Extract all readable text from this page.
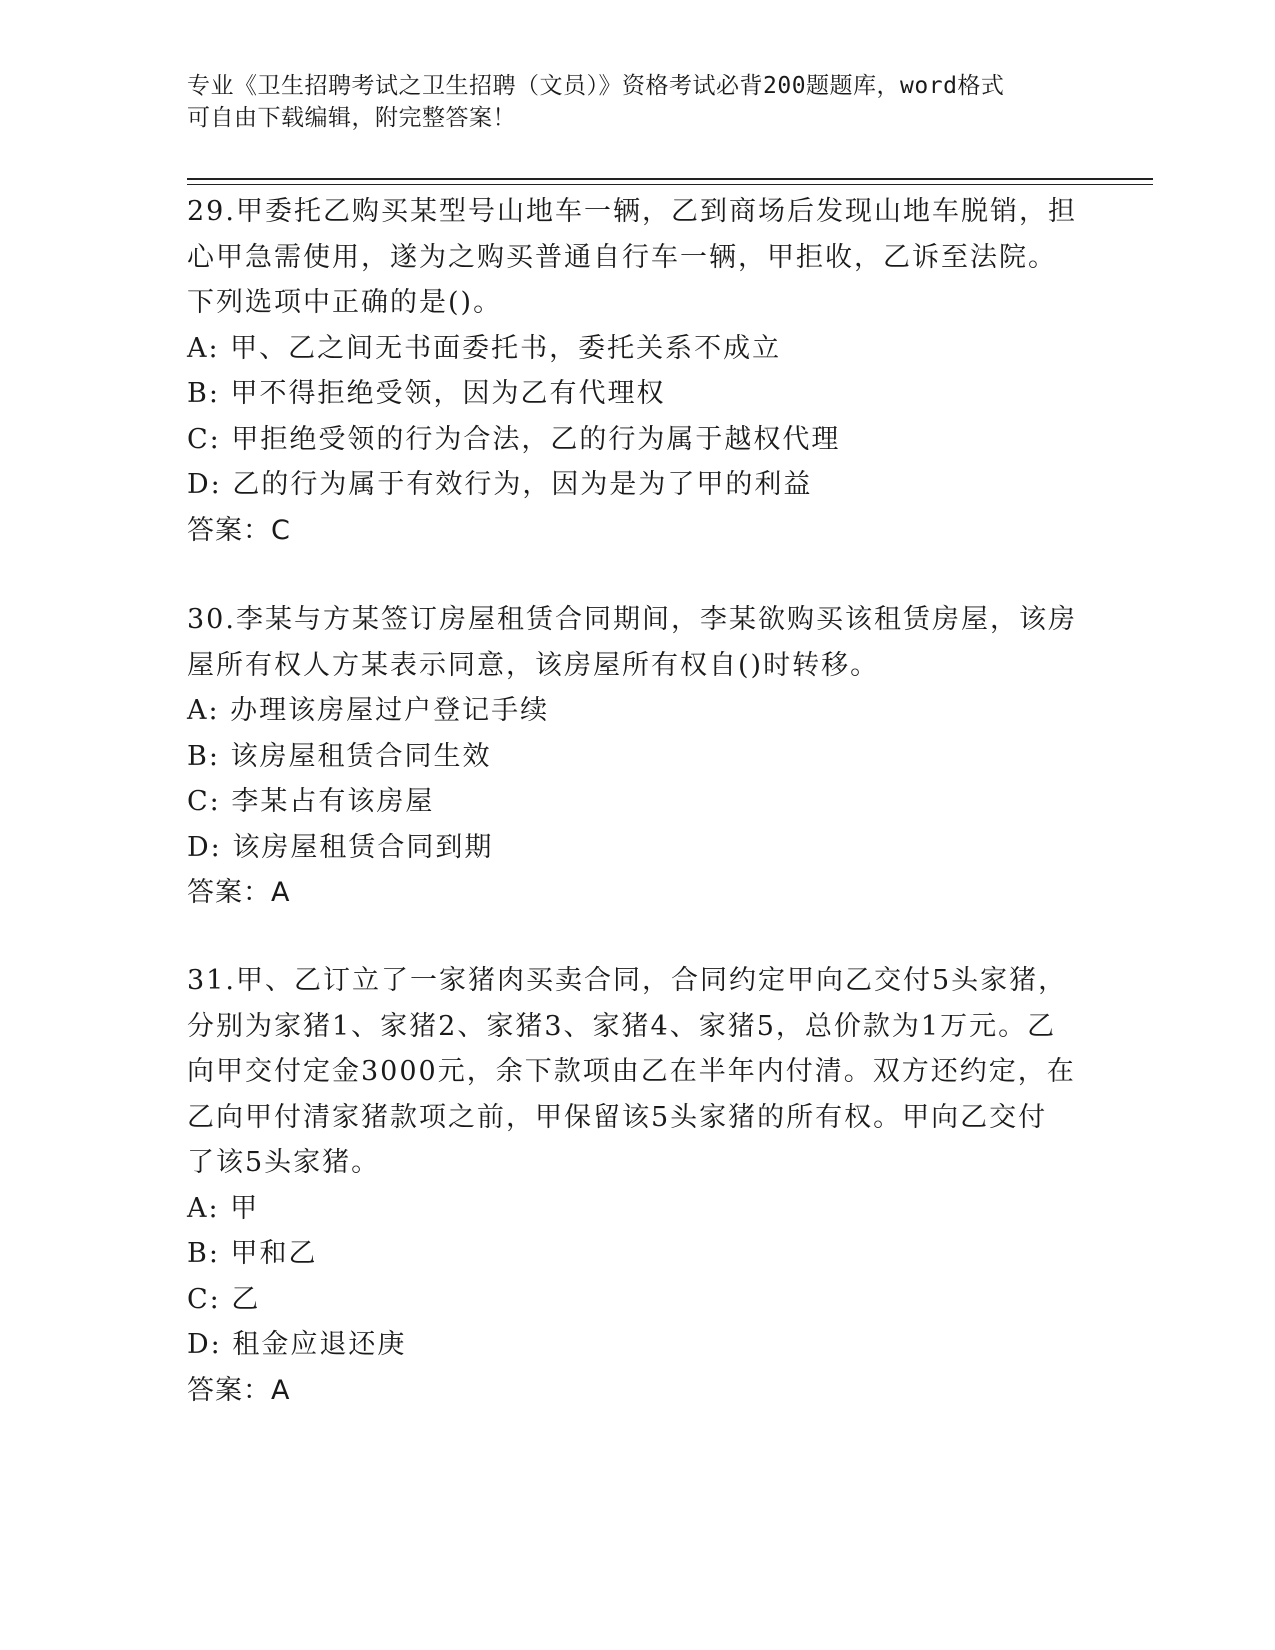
专业《卫生招聘考试之卫生招聘（文员）》资格考试必背200题题库，word格式
可自由下载编辑，附完整答案！
29.甲委托乙购买某型号山地车一辆，乙到商场后发现山地车脱销，担
心甲急需使用，遂为之购买普通自行车一辆，甲拒收，乙诉至法院。
下列选项中正确的是()。
A: 甲、乙之间无书面委托书，委托关系不成立
B: 甲不得拒绝受领，因为乙有代理权
C: 甲拒绝受领的行为合法，乙的行为属于越权代理
D: 乙的行为属于有效行为，因为是为了甲的利益
答案：C
30.李某与方某签订房屋租赁合同期间，李某欲购买该租赁房屋，该房
屋所有权人方某表示同意，该房屋所有权自()时转移。
A: 办理该房屋过户登记手续
B: 该房屋租赁合同生效
C: 李某占有该房屋
D: 该房屋租赁合同到期
答案：A
31.甲、乙订立了一家猪肉买卖合同，合同约定甲向乙交付5头家猪，
分别为家猪1、家猪2、家猪3、家猪4、家猪5，总价款为1万元。乙
向甲交付定金3000元，余下款项由乙在半年内付清。双方还约定，在
乙向甲付清家猪款项之前，甲保留该5头家猪的所有权。甲向乙交付
了该5头家猪。
A: 甲
B: 甲和乙
C: 乙
D: 租金应退还庚
答案：A
